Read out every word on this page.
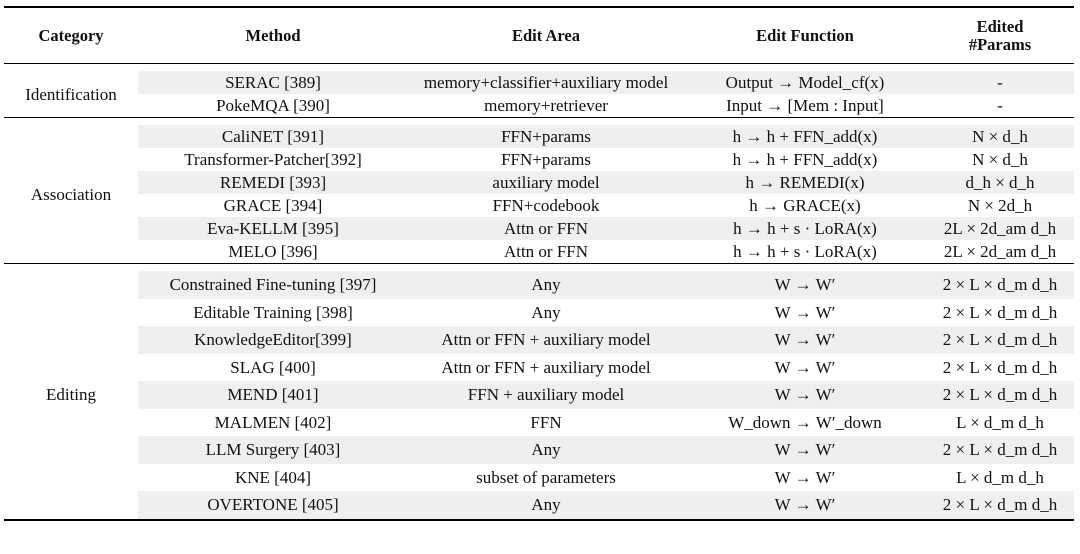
Category	Method	Edit Area	Edit Function	Edited
#Params

Identification	SERAC [389]	memory+classifier+auxiliary model	Output → Model_cf(x)	-
	PokeMQA [390]	memory+retriever	Input → [Mem : Input]	-

Association	CaliNET [391]	FFN+params	h → h + FFN_add(x)	N × d_h
	Transformer-Patcher[392]	FFN+params	h → h + FFN_add(x)	N × d_h
	REMEDI [393]	auxiliary model	h → REMEDI(x)	d_h × d_h
	GRACE [394]	FFN+codebook	h → GRACE(x)	N × 2d_h
	Eva-KELLM [395]	Attn or FFN	h → h + s · LoRA(x)	2L × 2d_am d_h
	MELO [396]	Attn or FFN	h → h + s · LoRA(x)	2L × 2d_am d_h

Editing	Constrained Fine-tuning [397]	Any	W → W′	2 × L × d_m d_h
	Editable Training [398]	Any	W → W′	2 × L × d_m d_h
	KnowledgeEditor[399]	Attn or FFN + auxiliary model	W → W′	2 × L × d_m d_h
	SLAG [400]	Attn or FFN + auxiliary model	W → W′	2 × L × d_m d_h
	MEND [401]	FFN + auxiliary model	W → W′	2 × L × d_m d_h
	MALMEN [402]	FFN	W_down → W′_down	L × d_m d_h
	LLM Surgery [403]	Any	W → W′	2 × L × d_m d_h
	KNE [404]	subset of parameters	W → W′	L × d_m d_h
	OVERTONE [405]	Any	W → W′	2 × L × d_m d_h
